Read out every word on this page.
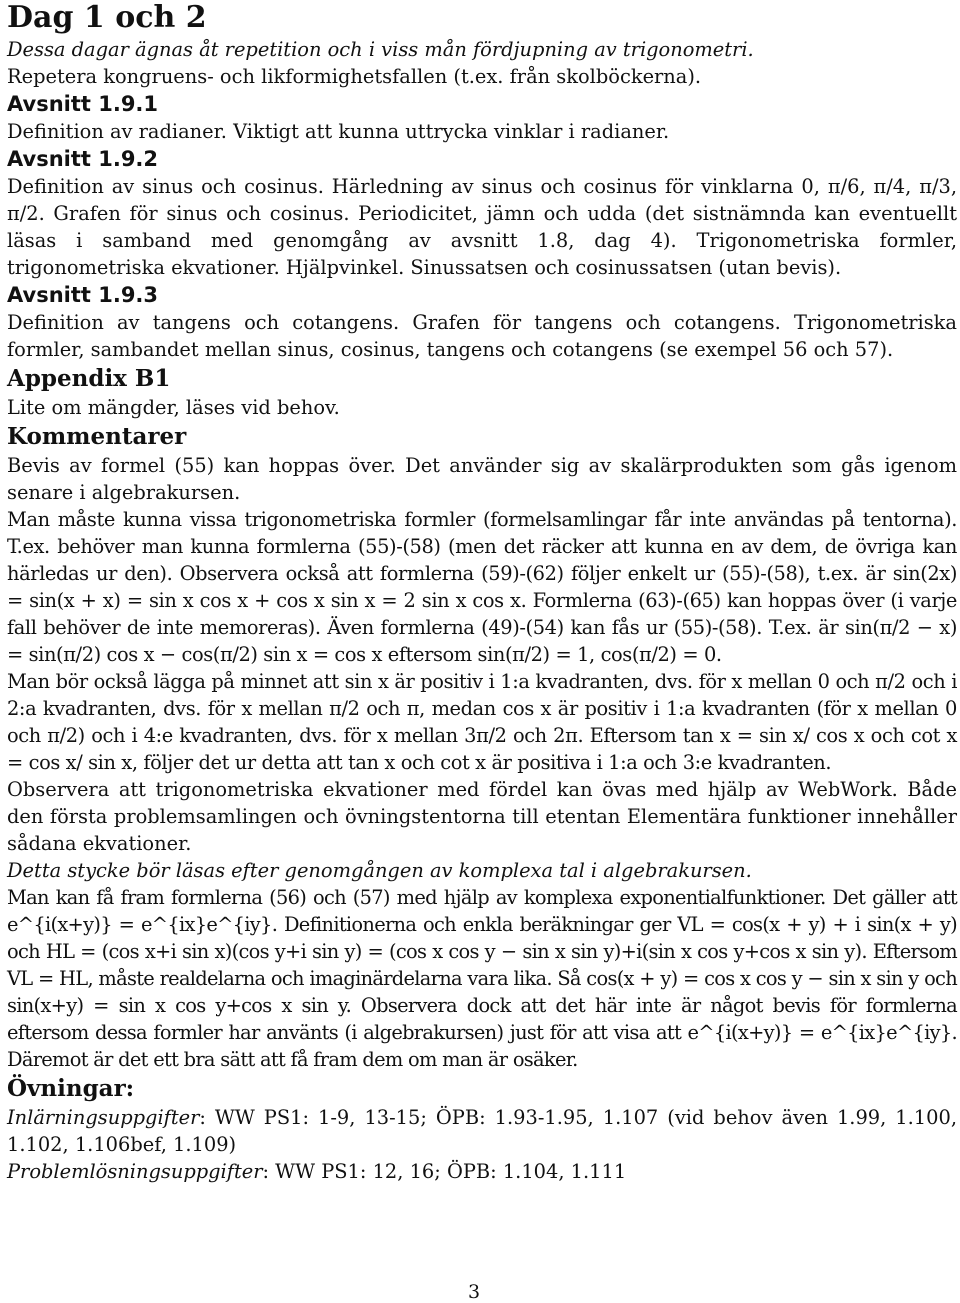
Dag 1 och 2

Dessa dagar ägnas åt repetition och i viss mån fördjupning av trigonometri.

Repetera kongruens- och likformighetsfallen (t.ex. från skolböckerna).

Avsnitt 1.9.1

Definition av radianer. Viktigt att kunna uttrycka vinklar i radianer.

Avsnitt 1.9.2

Definition av sinus och cosinus. Härledning av sinus och cosinus för vinklarna 0, π/6, π/4, π/3, π/2. Grafen för sinus och cosinus. Periodicitet, jämn och udda (det sistnämnda kan eventuellt läsas i samband med genomgång av avsnitt 1.8, dag 4). Trigonometriska formler, trigonometriska ekvationer. Hjälpvinkel. Sinussatsen och cosinussatsen (utan bevis).

Avsnitt 1.9.3

Definition av tangens och cotangens. Grafen för tangens och cotangens. Trigonometriska formler, sambandet mellan sinus, cosinus, tangens och cotangens (se exempel 56 och 57).

Appendix B1

Lite om mängder, läses vid behov.

Kommentarer

Bevis av formel (55) kan hoppas över. Det använder sig av skalärprodukten som gås igenom senare i algebrakursen.

Man måste kunna vissa trigonometriska formler (formelsamlingar får inte användas på tentorna). T.ex. behöver man kunna formlerna (55)-(58) (men det räcker att kunna en av dem, de övriga kan härledas ur den). Observera också att formlerna (59)-(62) följer enkelt ur (55)-(58), t.ex. är sin(2x) = sin(x + x) = sin x cos x + cos x sin x = 2 sin x cos x. Formlerna (63)-(65) kan hoppas över (i varje fall behöver de inte memoreras). Även formlerna (49)-(54) kan fås ur (55)-(58). T.ex. är sin(π/2 − x) = sin(π/2) cos x − cos(π/2) sin x = cos x eftersom sin(π/2) = 1, cos(π/2) = 0.

Man bör också lägga på minnet att sin x är positiv i 1:a kvadranten, dvs. för x mellan 0 och π/2 och i 2:a kvadranten, dvs. för x mellan π/2 och π, medan cos x är positiv i 1:a kvadranten (för x mellan 0 och π/2) och i 4:e kvadranten, dvs. för x mellan 3π/2 och 2π. Eftersom tan x = sin x/ cos x och cot x = cos x/ sin x, följer det ur detta att tan x och cot x är positiva i 1:a och 3:e kvadranten.

Observera att trigonometriska ekvationer med fördel kan övas med hjälp av WebWork. Både den första problemsamlingen och övningstentorna till etentan Elementära funktioner innehåller sådana ekvationer.

Detta stycke bör läsas efter genomgången av komplexa tal i algebrakursen.

Man kan få fram formlerna (56) och (57) med hjälp av komplexa exponentialfunktioner. Det gäller att e^{i(x+y)} = e^{ix}e^{iy}. Definitionerna och enkla beräkningar ger VL = cos(x + y) + i sin(x + y) och HL = (cos x+i sin x)(cos y+i sin y) = (cos x cos y − sin x sin y)+i(sin x cos y+cos x sin y). Eftersom VL = HL, måste realdelarna och imaginärdelarna vara lika. Så cos(x + y) = cos x cos y − sin x sin y och sin(x+y) = sin x cos y+cos x sin y. Observera dock att det här inte är något bevis för formlerna eftersom dessa formler har använts (i algebrakursen) just för att visa att e^{i(x+y)} = e^{ix}e^{iy}. Däremot är det ett bra sätt att få fram dem om man är osäker.

Övningar:

Inlärningsuppgifter: WW PS1: 1-9, 13-15; ÖPB: 1.93-1.95, 1.107 (vid behov även 1.99, 1.100, 1.102, 1.106bef, 1.109)

Problemlösningsuppgifter: WW PS1: 12, 16; ÖPB: 1.104, 1.111

3
